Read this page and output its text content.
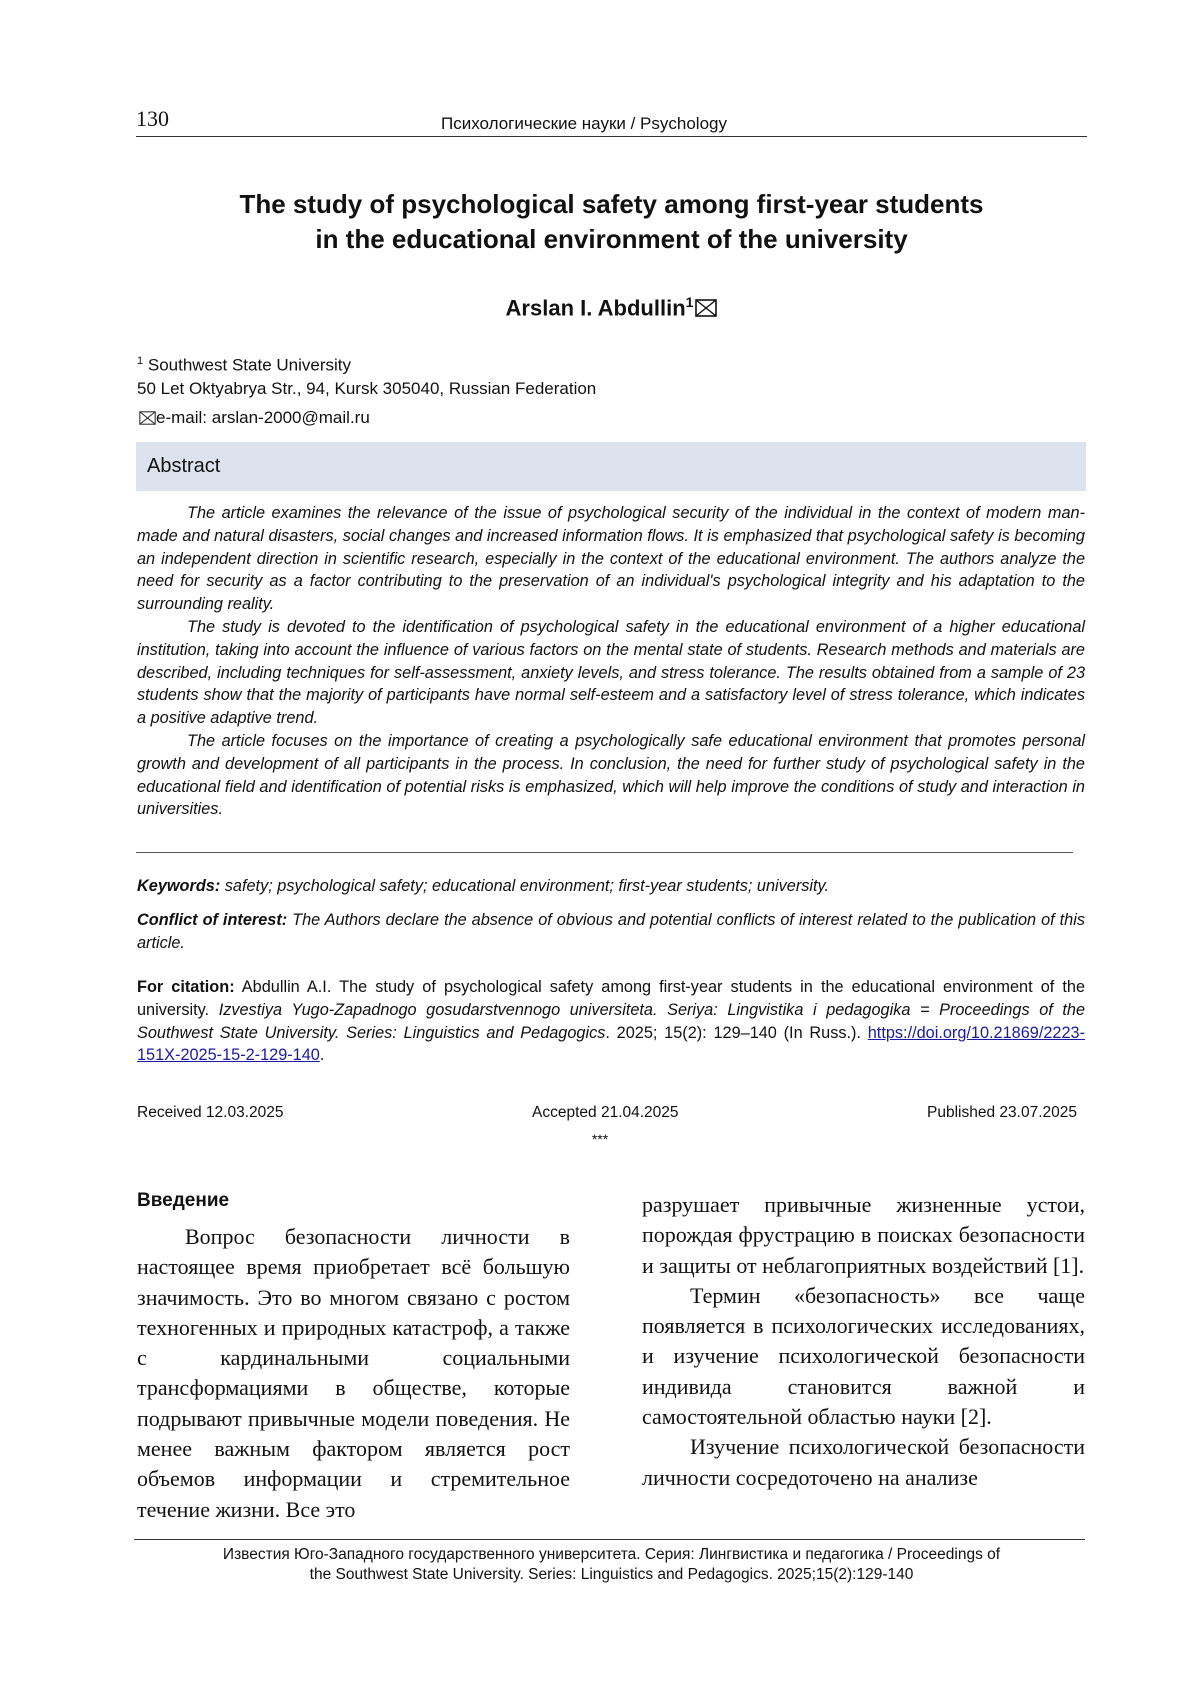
130	Психологические науки / Psychology
The study of psychological safety among first-year students
in the educational environment of the university
Arslan I. Abdullin$^1$
$^1$ Southwest State University
50 Let Oktyabrya Str., 94, Kursk 305040, Russian Federation
e-mail: arslan-2000@mail.ru
Abstract

The article examines the relevance of the issue of psychological security of the individual in the context of modern man-made and natural disasters, social changes and increased information flows. It is emphasized that psychological safety is becoming an independent direction in scientific research, especially in the context of the educational environment. The authors analyze the need for security as a factor contributing to the preservation of an individual's psychological integrity and his adaptation to the surrounding reality.

The study is devoted to the identification of psychological safety in the educational environment of a higher educational institution, taking into account the influence of various factors on the mental state of students. Research methods and materials are described, including techniques for self-assessment, anxiety levels, and stress tolerance. The results obtained from a sample of 23 students show that the majority of participants have normal self-esteem and a satisfactory level of stress tolerance, which indicates a positive adaptive trend.

The article focuses on the importance of creating a psychologically safe educational environment that promotes personal growth and development of all participants in the process. In conclusion, the need for further study of psychological safety in the educational field and identification of potential risks is emphasized, which will help improve the conditions of study and interaction in universities.

Keywords: safety; psychological safety; educational environment; first-year students; university.
Conflict of interest: The Authors declare the absence of obvious and potential conflicts of interest related to the publication of this article.
For citation: Abdullin A.I. The study of psychological safety among first-year students in the educational environment of the university. Izvestiya Yugo-Zapadnogo gosudarstvennogo universiteta. Seriya: Lingvistika i pedagogika = Proceedings of the Southwest State University. Series: Linguistics and Pedagogics. 2025; 15(2): 129–140 (In Russ.). https://doi.org/10.21869/2223-151X-2025-15-2-129-140.
Received 12.03.2025	Accepted 21.04.2025	Published 23.07.2025
***
Введение

Вопрос безопасности личности в настоящее время приобретает всё большую значимость. Это во многом связано с ростом техногенных и природных катастроф, а также с кардинальными социальными трансформациями в обществе, которые подрывают привычные модели поведения. Не менее важным фактором является рост объемов информации и стремительное течение жизни. Все это

разрушает привычные жизненные устои, порождая фрустрацию в поисках безопасности и защиты от неблагоприятных воздействий [1].

Термин «безопасность» все чаще появляется в психологических исследованиях, и изучение психологической безопасности индивида становится важной и самостоятельной областью науки [2].

Изучение психологической безопасности личности сосредоточено на анализе

Известия Юго-Западного государственного университета. Серия: Лингвистика и педагогика / Proceedings of
the Southwest State University. Series: Linguistics and Pedagogics. 2025;15(2):129-140
